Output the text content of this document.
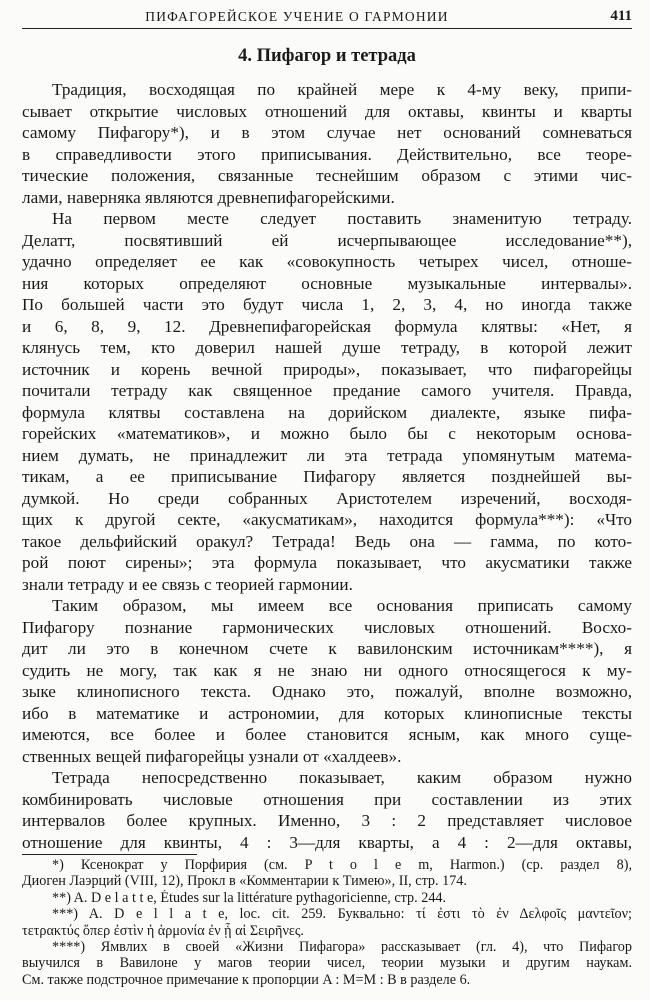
ПИФАГОРЕЙСКОЕ УЧЕНИЕ О ГАРМОНИИ	411
4. Пифагор и тетрада
Традиция, восходящая по крайней мере к 4-му веку, припи-
сывает открытие числовых отношений для октавы, квинты и кварты
самому Пифагору*), и в этом случае нет оснований сомневаться
в справедливости этого приписывания. Действительно, все теоре-
тические положения, связанные теснейшим образом с этими чис-
лами, наверняка являются древнепифагорейскими.
На первом месте следует поставить знаменитую тетраду.
Делатт, посвятивший ей исчерпывающее исследование**),
удачно определяет ее как «совокупность четырех чисел, отноше-
ния которых определяют основные музыкальные интервалы».
По большей части это будут числа 1, 2, 3, 4, но иногда также
и 6, 8, 9, 12. Древнепифагорейская формула клятвы: «Нет, я
клянусь тем, кто доверил нашей душе тетраду, в которой лежит
источник и корень вечной природы», показывает, что пифагорейцы
почитали тетраду как священное предание самого учителя. Правда,
формула клятвы составлена на дорийском диалекте, языке пифа-
горейских «математиков», и можно было бы с некоторым основа-
нием думать, не принадлежит ли эта тетрада упомянутым матема-
тикам, а ее приписывание Пифагору является позднейшей вы-
думкой. Но среди собранных Аристотелем изречений, восходя-
щих к другой секте, «акусматикам», находится формула***): «Что
такое дельфийский оракул? Тетрада! Ведь она — гамма, по кото-
рой поют сирены»; эта формула показывает, что акусматики также
знали тетраду и ее связь с теорией гармонии.
Таким образом, мы имеем все основания приписать самому
Пифагору познание гармонических числовых отношений. Восхо-
дит ли это в конечном счете к вавилонским источникам****), я
судить не могу, так как я не знаю ни одного относящегося к му-
зыке клинописного текста. Однако это, пожалуй, вполне возможно,
ибо в математике и астрономии, для которых клинописные тексты
имеются, все более и более становится ясным, как много суще-
ственных вещей пифагорейцы узнали от «халдеев».
Тетрада непосредственно показывает, каким образом нужно
комбинировать числовые отношения при составлении из этих
интервалов более крупных. Именно, 3 : 2 представляет числовое
отношение для квинты, 4 : 3—для кварты, а 4 : 2—для октавы,
*) Ксенократ у Порфирия (см. P t o l e m, Harmon.) (ср. раздел 8),
Диоген Лаэрций (VIII, 12), Прокл в «Комментарии к Тимею», II, стр. 174.
**) A. D e l a t t e, Études sur la littérature pythagoricienne, стр. 244.
***) A. D e l l a t e, loc. cit. 259. Буквально: τί ἐστι τὸ ἐν Δελφοῖς μαντεῖον;
τετρακτύς ὅπερ ἐστὶν ἡ ἁρμονία ἐν ᾗ αἱ Σειρῆνες.
****) Ямвлих в своей «Жизни Пифагора» рассказывает (гл. 4), что Пифагор
выучился в Вавилоне у магов теории чисел, теории музыки и другим наукам.
См. также подстрочное примечание к пропорции A : M=M : B в разделе 6.
